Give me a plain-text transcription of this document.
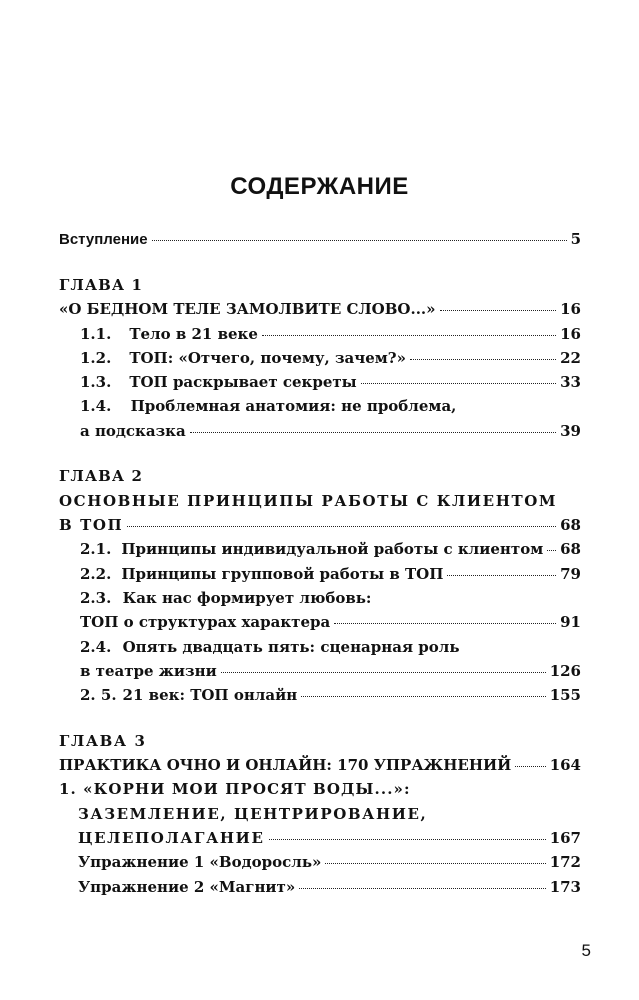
СОДЕРЖАНИЕ
Вступление	5
ГЛАВА 1
«О БЕДНОМ ТЕЛЕ ЗАМОЛВИТЕ СЛОВО...»	16
1.1. Тело в 21 веке	16
1.2. ТОП: «Отчего, почему, зачем?»	22
1.3. ТОП раскрывает секреты	33
1.4. Проблемная анатомия: не проблема,
а подсказка	39
ГЛАВА 2
ОСНОВНЫЕ ПРИНЦИПЫ РАБОТЫ С КЛИЕНТОМ
В ТОП	68
2.1. Принципы индивидуальной работы с клиентом 68
2.2. Принципы групповой работы в ТОП	79
2.3. Как нас формирует любовь:
ТОП о структурах характера	91
2.4. Опять двадцать пять: сценарная роль
в театре жизни	126
2. 5. 21 век: ТОП онлайн	155
ГЛАВА 3
ПРАКТИКА ОЧНО И ОНЛАЙН: 170 УПРАЖНЕНИЙ	164
1. «КОРНИ МОИ ПРОСЯТ ВОДЫ...»:
ЗАЗЕМЛЕНИЕ, ЦЕНТРИРОВАНИЕ,
ЦЕЛЕПОЛАГАНИЕ	167
Упражнение 1 «Водоросль»	172
Упражнение 2 «Магнит»	173
5
